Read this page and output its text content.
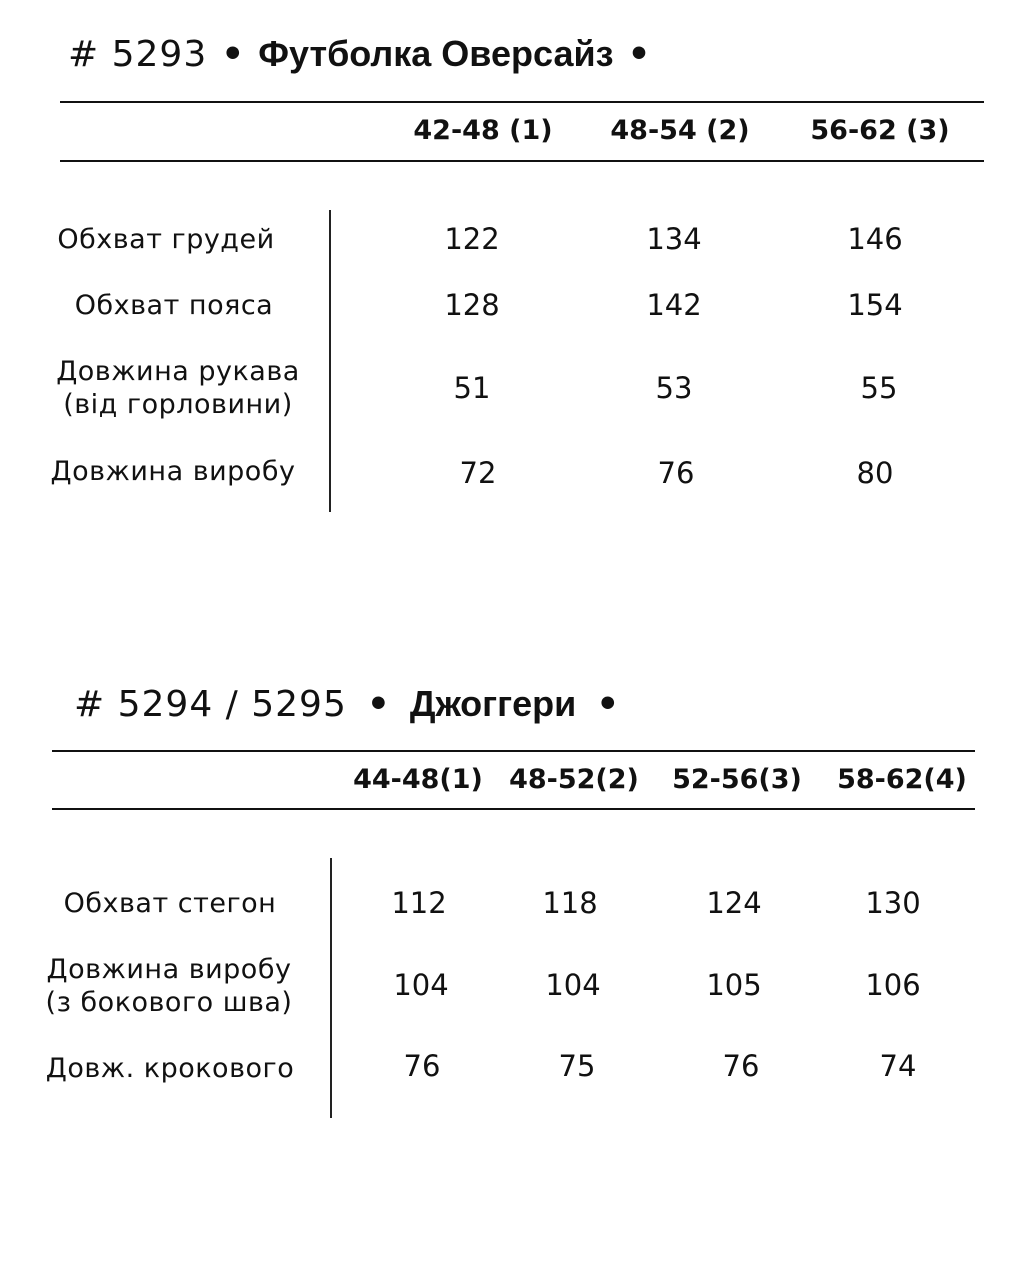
# 5293 • Футболка Оверсайз •
42-48 (1)	48-54 (2)	56-62 (3)
Обхват грудей	122	134	146
Обхват пояса	128	142	154
Довжина рукава
(від горловини)	51	53	55
Довжина виробу	72	76	80
# 5294 / 5295 • Джоггери •
44-48(1) 48-52(2)	52-56(3)	58-62(4)
Обхват стегон	112	118	124	130
Довжина виробу
(з бокового шва)
104	104	105	106
Довж. крокового	76	75	76	74
